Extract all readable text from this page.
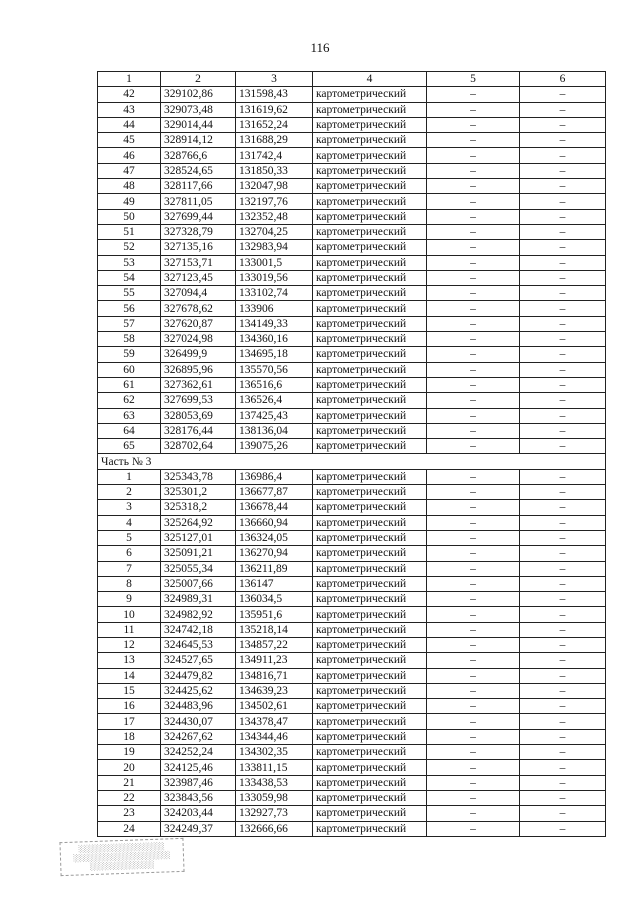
116
1	2	3	4	5	6
42	329102,86	131598,43	картометрический	–	–
43	329073,48	131619,62	картометрический	–	–
44	329014,44	131652,24	картометрический	–	–
45	328914,12	131688,29	картометрический	–	–
46	328766,6	131742,4	картометрический	–	–
47	328524,65	131850,33	картометрический	–	–
48	328117,66	132047,98	картометрический	–	–
49	327811,05	132197,76	картометрический	–	–
50	327699,44	132352,48	картометрический	–	–
51	327328,79	132704,25	картометрический	–	–
52	327135,16	132983,94	картометрический	–	–
53	327153,71	133001,5	картометрический	–	–
54	327123,45	133019,56	картометрический	–	–
55	327094,4	133102,74	картометрический	–	–
56	327678,62	133906	картометрический	–	–
57	327620,87	134149,33	картометрический	–	–
58	327024,98	134360,16	картометрический	–	–
59	326499,9	134695,18	картометрический	–	–
60	326895,96	135570,56	картометрический	–	–
61	327362,61	136516,6	картометрический	–	–
62	327699,53	136526,4	картометрический	–	–
63	328053,69	137425,43	картометрический	–	–
64	328176,44	138136,04	картометрический	–	–
65	328702,64	139075,26	картометрический	–	–
Часть № 3					
1	325343,78	136986,4	картометрический	–	–
2	325301,2	136677,87	картометрический	–	–
3	325318,2	136678,44	картометрический	–	–
4	325264,92	136660,94	картометрический	–	–
5	325127,01	136324,05	картометрический	–	–
6	325091,21	136270,94	картометрический	–	–
7	325055,34	136211,89	картометрический	–	–
8	325007,66	136147	картометрический	–	–
9	324989,31	136034,5	картометрический	–	–
10	324982,92	135951,6	картометрический	–	–
11	324742,18	135218,14	картометрический	–	–
12	324645,53	134857,22	картометрический	–	–
13	324527,65	134911,23	картометрический	–	–
14	324479,82	134816,71	картометрический	–	–
15	324425,62	134639,23	картометрический	–	–
16	324483,96	134502,61	картометрический	–	–
17	324430,07	134378,47	картометрический	–	–
18	324267,62	134344,46	картометрический	–	–
19	324252,24	134302,35	картометрический	–	–
20	324125,46	133811,15	картометрический	–	–
21	323987,46	133438,53	картометрический	–	–
22	323843,56	133059,98	картометрический	–	–
23	324203,44	132927,73	картометрический	–	–
24	324249,37	132666,66	картометрический	–	–
░░░░░░░░░░░░░░░░
░░░░░░░░░░░░░░░░░░
░░░░░░░░░░░░
